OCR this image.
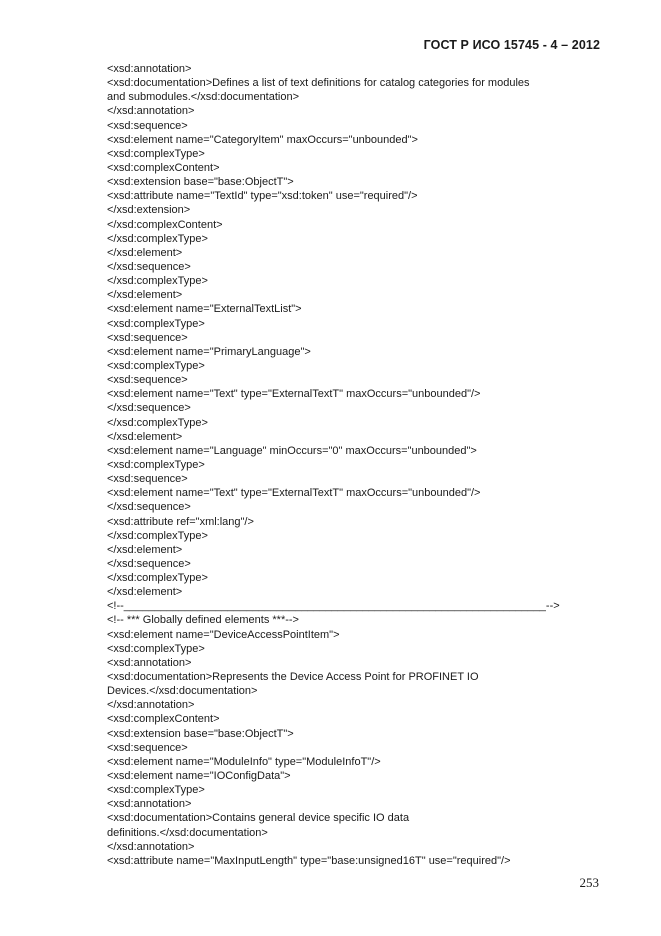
ГОСТ Р ИСО 15745 - 4 – 2012

<xsd:annotation>

<xsd:documentation>Defines a list of text definitions for catalog categories for modules
and submodules.</xsd:documentation>

</xsd:annotation>

<xsd:sequence>

<xsd:element name="CategoryItem" maxOccurs="unbounded">

<xsd:complexType>

<xsd:complexContent>

<xsd:extension base="base:ObjectT">

<xsd:attribute name="TextId" type="xsd:token" use="required"/>

</xsd:extension>

</xsd:complexContent>

</xsd:complexType>

</xsd:element>

</xsd:sequence>

</xsd:complexType>

</xsd:element>

<xsd:element name="ExternalTextList">

<xsd:complexType>

<xsd:sequence>

<xsd:element name="PrimaryLanguage">

<xsd:complexType>

<xsd:sequence>

<xsd:element name="Text" type="ExternalTextT" maxOccurs="unbounded"/>

</xsd:sequence>

</xsd:complexType>

</xsd:element>

<xsd:element name="Language" minOccurs="0" maxOccurs="unbounded">

<xsd:complexType>

<xsd:sequence>

<xsd:element name="Text" type="ExternalTextT" maxOccurs="unbounded"/>

</xsd:sequence>

<xsd:attribute ref="xml:lang"/>

</xsd:complexType>

</xsd:element>

</xsd:sequence>

</xsd:complexType>

</xsd:element>

<!--_____________________________________________________________________-->

<!-- *** Globally defined elements ***-->

<xsd:element name="DeviceAccessPointItem">

<xsd:complexType>

<xsd:annotation>

<xsd:documentation>Represents the Device Access Point for PROFINET IO
Devices.</xsd:documentation>

</xsd:annotation>

<xsd:complexContent>

<xsd:extension base="base:ObjectT">

<xsd:sequence>

<xsd:element name="ModuleInfo" type="ModuleInfoT"/>

<xsd:element name="IOConfigData">

<xsd:complexType>

<xsd:annotation>

<xsd:documentation>Contains general device specific IO data
definitions.</xsd:documentation>

</xsd:annotation>

<xsd:attribute name="MaxInputLength" type="base:unsigned16T" use="required"/>

253
